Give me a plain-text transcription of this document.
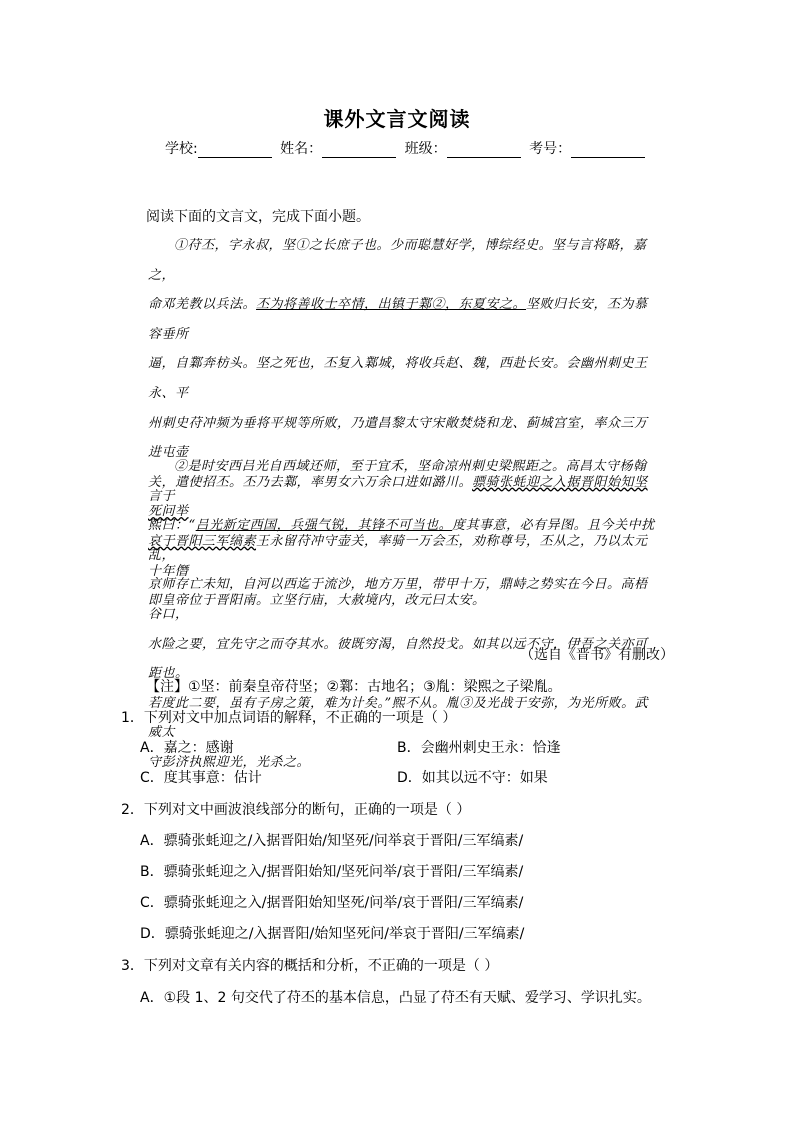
课外文言文阅读
学校:	姓名：	班级：	考号：
阅读下面的文言文，完成下面小题。
①苻丕，字永叔，坚①之长庶子也。少而聪慧好学，博综经史。坚与言将略，嘉之，
命邓羌教以兵法。丕为将善收士卒情，出镇于鄴②，东夏安之。坚败归长安，丕为慕容垂所
逼，自鄴奔枋头。坚之死也，丕复入鄴城，将收兵赵、魏，西赴长安。会幽州刺史王永、平
州刺史苻冲频为垂将平规等所败，乃遣昌黎太守宋敞焚烧和龙、蓟城宫室，率众三万进屯壶
关，遣使招丕。丕乃去鄴，率男女六万余口进如潞川。骠骑张蚝迎之入据晋阳始知坚死问举
哀于晋阳三军缟素王永留苻冲守壶关，率骑一万会丕，劝称尊号，丕从之，乃以太元十年僭
即皇帝位于晋阳南。立坚行庙，大赦境内，改元曰太安。
②是时安西吕光自西域还师，至于宜禾，坚命凉州刺史梁熙距之。高昌太守杨翰言于
熙曰：“吕光新定西国，兵强气锐，其锋不可当也。度其事意，必有异图。且今关中扰乱，
京师存亡未知，自河以西迄于流沙，地方万里，带甲十万，鼎峙之势实在今日。高梧谷口，
水险之要，宜先守之而夺其水。彼既穷渴，自然投戈。如其以远不守，伊吾之关亦可距也。
若度此二要，虽有子房之策，难为计矣。”熙不从。胤③及光战于安弥，为光所败。武威太
守彭济执熙迎光，光杀之。
（选自《晋书》有删改）
【注】①坚：前秦皇帝苻坚；②鄴：古地名；③胤：梁熙之子梁胤。
1．下列对文中加点词语的解释，不正确的一项是（ ）
A．嘉之：感谢	B．会幽州刺史王永：恰逢
C．度其事意：估计	D．如其以远不守：如果
2．下列对文中画波浪线部分的断句，正确的一项是（ ）
A．骠骑张蚝迎之/入据晋阳始/知坚死/问举哀于晋阳/三军缟素/
B．骠骑张蚝迎之入/据晋阳始知/坚死问举/哀于晋阳/三军缟素/
C．骠骑张蚝迎之入/据晋阳始知坚死/问举/哀于晋阳/三军缟素/
D．骠骑张蚝迎之/入据晋阳/始知坚死问/举哀于晋阳/三军缟素/
3．下列对文章有关内容的概括和分析，不正确的一项是（ ）
A．①段 1、2 句交代了苻丕的基本信息，凸显了苻丕有天赋、爱学习、学识扎实。
